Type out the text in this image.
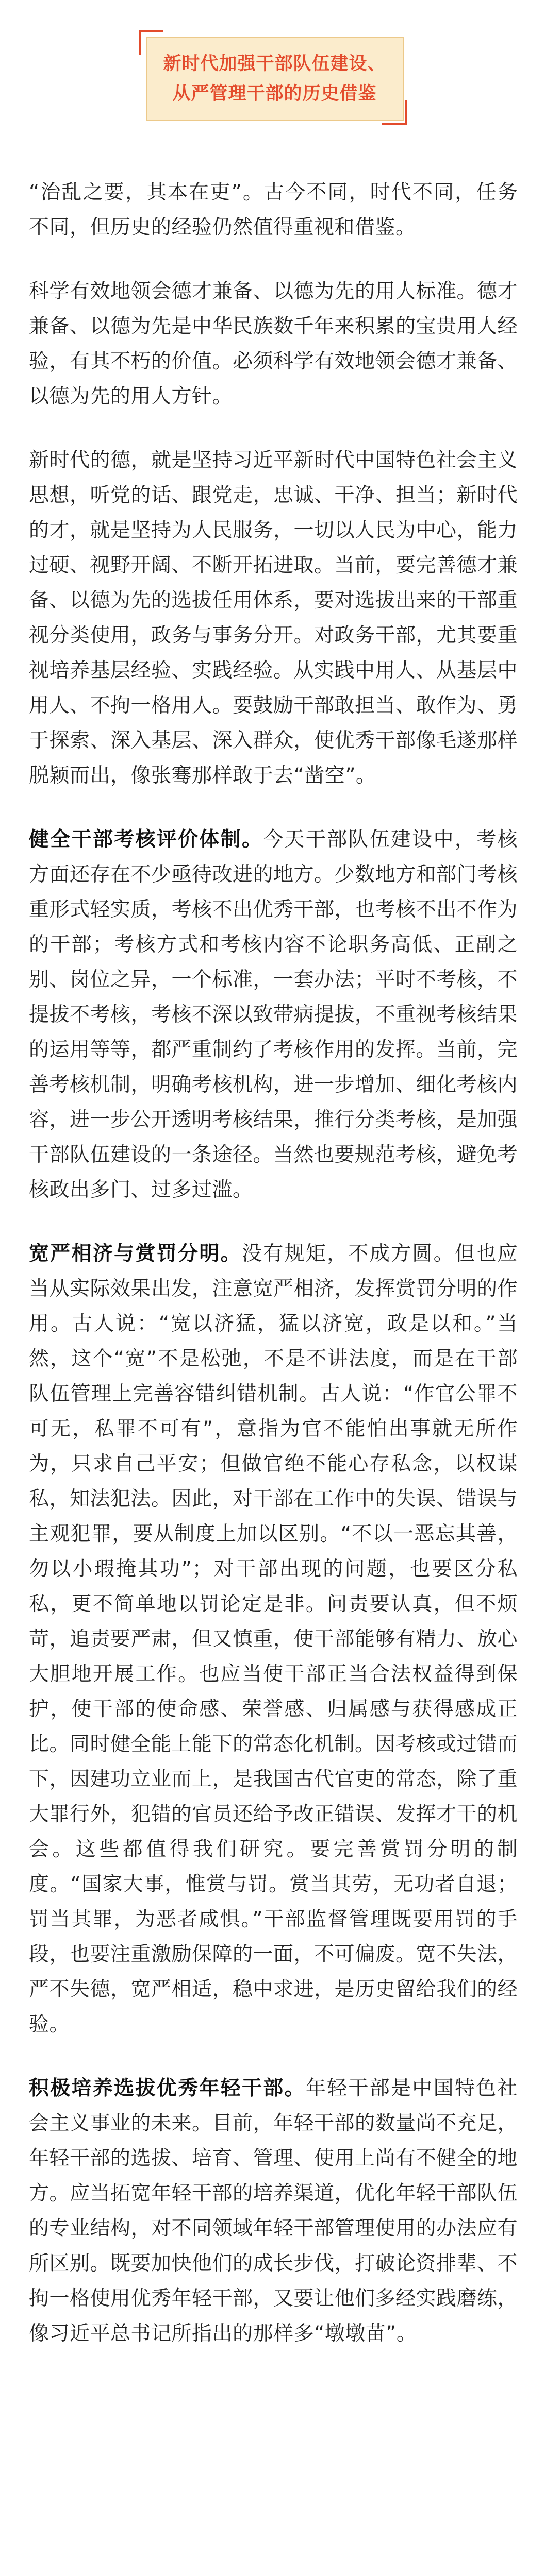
新时代加强干部队伍建设、
从严管理干部的历史借鉴

“治乱之要，其本在吏”。古今不同，时代不同，任务不同，但历史的经验仍然值得重视和借鉴。

科学有效地领会德才兼备、以德为先的用人标准。德才兼备、以德为先是中华民族数千年来积累的宝贵用人经验，有其不朽的价值。必须科学有效地领会德才兼备、以德为先的用人方针。

新时代的德，就是坚持习近平新时代中国特色社会主义思想，听党的话、跟党走，忠诚、干净、担当；新时代的才，就是坚持为人民服务，一切以人民为中心，能力过硬、视野开阔、不断开拓进取。当前，要完善德才兼备、以德为先的选拔任用体系，要对选拔出来的干部重视分类使用，政务与事务分开。对政务干部，尤其要重视培养基层经验、实践经验。从实践中用人、从基层中用人、不拘一格用人。要鼓励干部敢担当、敢作为、勇于探索、深入基层、深入群众，使优秀干部像毛遂那样脱颖而出，像张骞那样敢于去“凿空”。

健全干部考核评价体制。今天干部队伍建设中，考核方面还存在不少亟待改进的地方。少数地方和部门考核重形式轻实质，考核不出优秀干部，也考核不出不作为的干部；考核方式和考核内容不论职务高低、正副之别、岗位之异，一个标准，一套办法；平时不考核，不提拔不考核，考核不深以致带病提拔，不重视考核结果的运用等等，都严重制约了考核作用的发挥。当前，完善考核机制，明确考核机构，进一步增加、细化考核内容，进一步公开透明考核结果，推行分类考核，是加强干部队伍建设的一条途径。当然也要规范考核，避免考核政出多门、过多过滥。

宽严相济与赏罚分明。没有规矩，不成方圆。但也应当从实际效果出发，注意宽严相济，发挥赏罚分明的作用。古人说：“宽以济猛，猛以济宽，政是以和。”当然，这个“宽”不是松弛，不是不讲法度，而是在干部队伍管理上完善容错纠错机制。古人说：“作官公罪不可无，私罪不可有”，意指为官不能怕出事就无所作为，只求自己平安；但做官绝不能心存私念，以权谋私，知法犯法。因此，对干部在工作中的失误、错误与主观犯罪，要从制度上加以区别。“不以一恶忘其善，勿以小瑕掩其功”；对干部出现的问题，也要区分私私，更不简单地以罚论定是非。问责要认真，但不烦苛，追责要严肃，但又慎重，使干部能够有精力、放心大胆地开展工作。也应当使干部正当合法权益得到保护，使干部的使命感、荣誉感、归属感与获得感成正比。同时健全能上能下的常态化机制。因考核或过错而下，因建功立业而上，是我国古代官吏的常态，除了重大罪行外，犯错的官员还给予改正错误、发挥才干的机会。这些都值得我们研究。要完善赏罚分明的制度。“国家大事，惟赏与罚。赏当其劳，无功者自退；罚当其罪，为恶者咸惧。”干部监督管理既要用罚的手段，也要注重激励保障的一面，不可偏废。宽不失法，严不失德，宽严相适，稳中求进，是历史留给我们的经验。

积极培养选拔优秀年轻干部。年轻干部是中国特色社会主义事业的未来。目前，年轻干部的数量尚不充足，年轻干部的选拔、培育、管理、使用上尚有不健全的地方。应当拓宽年轻干部的培养渠道，优化年轻干部队伍的专业结构，对不同领域年轻干部管理使用的办法应有所区别。既要加快他们的成长步伐，打破论资排辈、不拘一格使用优秀年轻干部，又要让他们多经实践磨练，像习近平总书记所指出的那样多“墩墩苗”。
